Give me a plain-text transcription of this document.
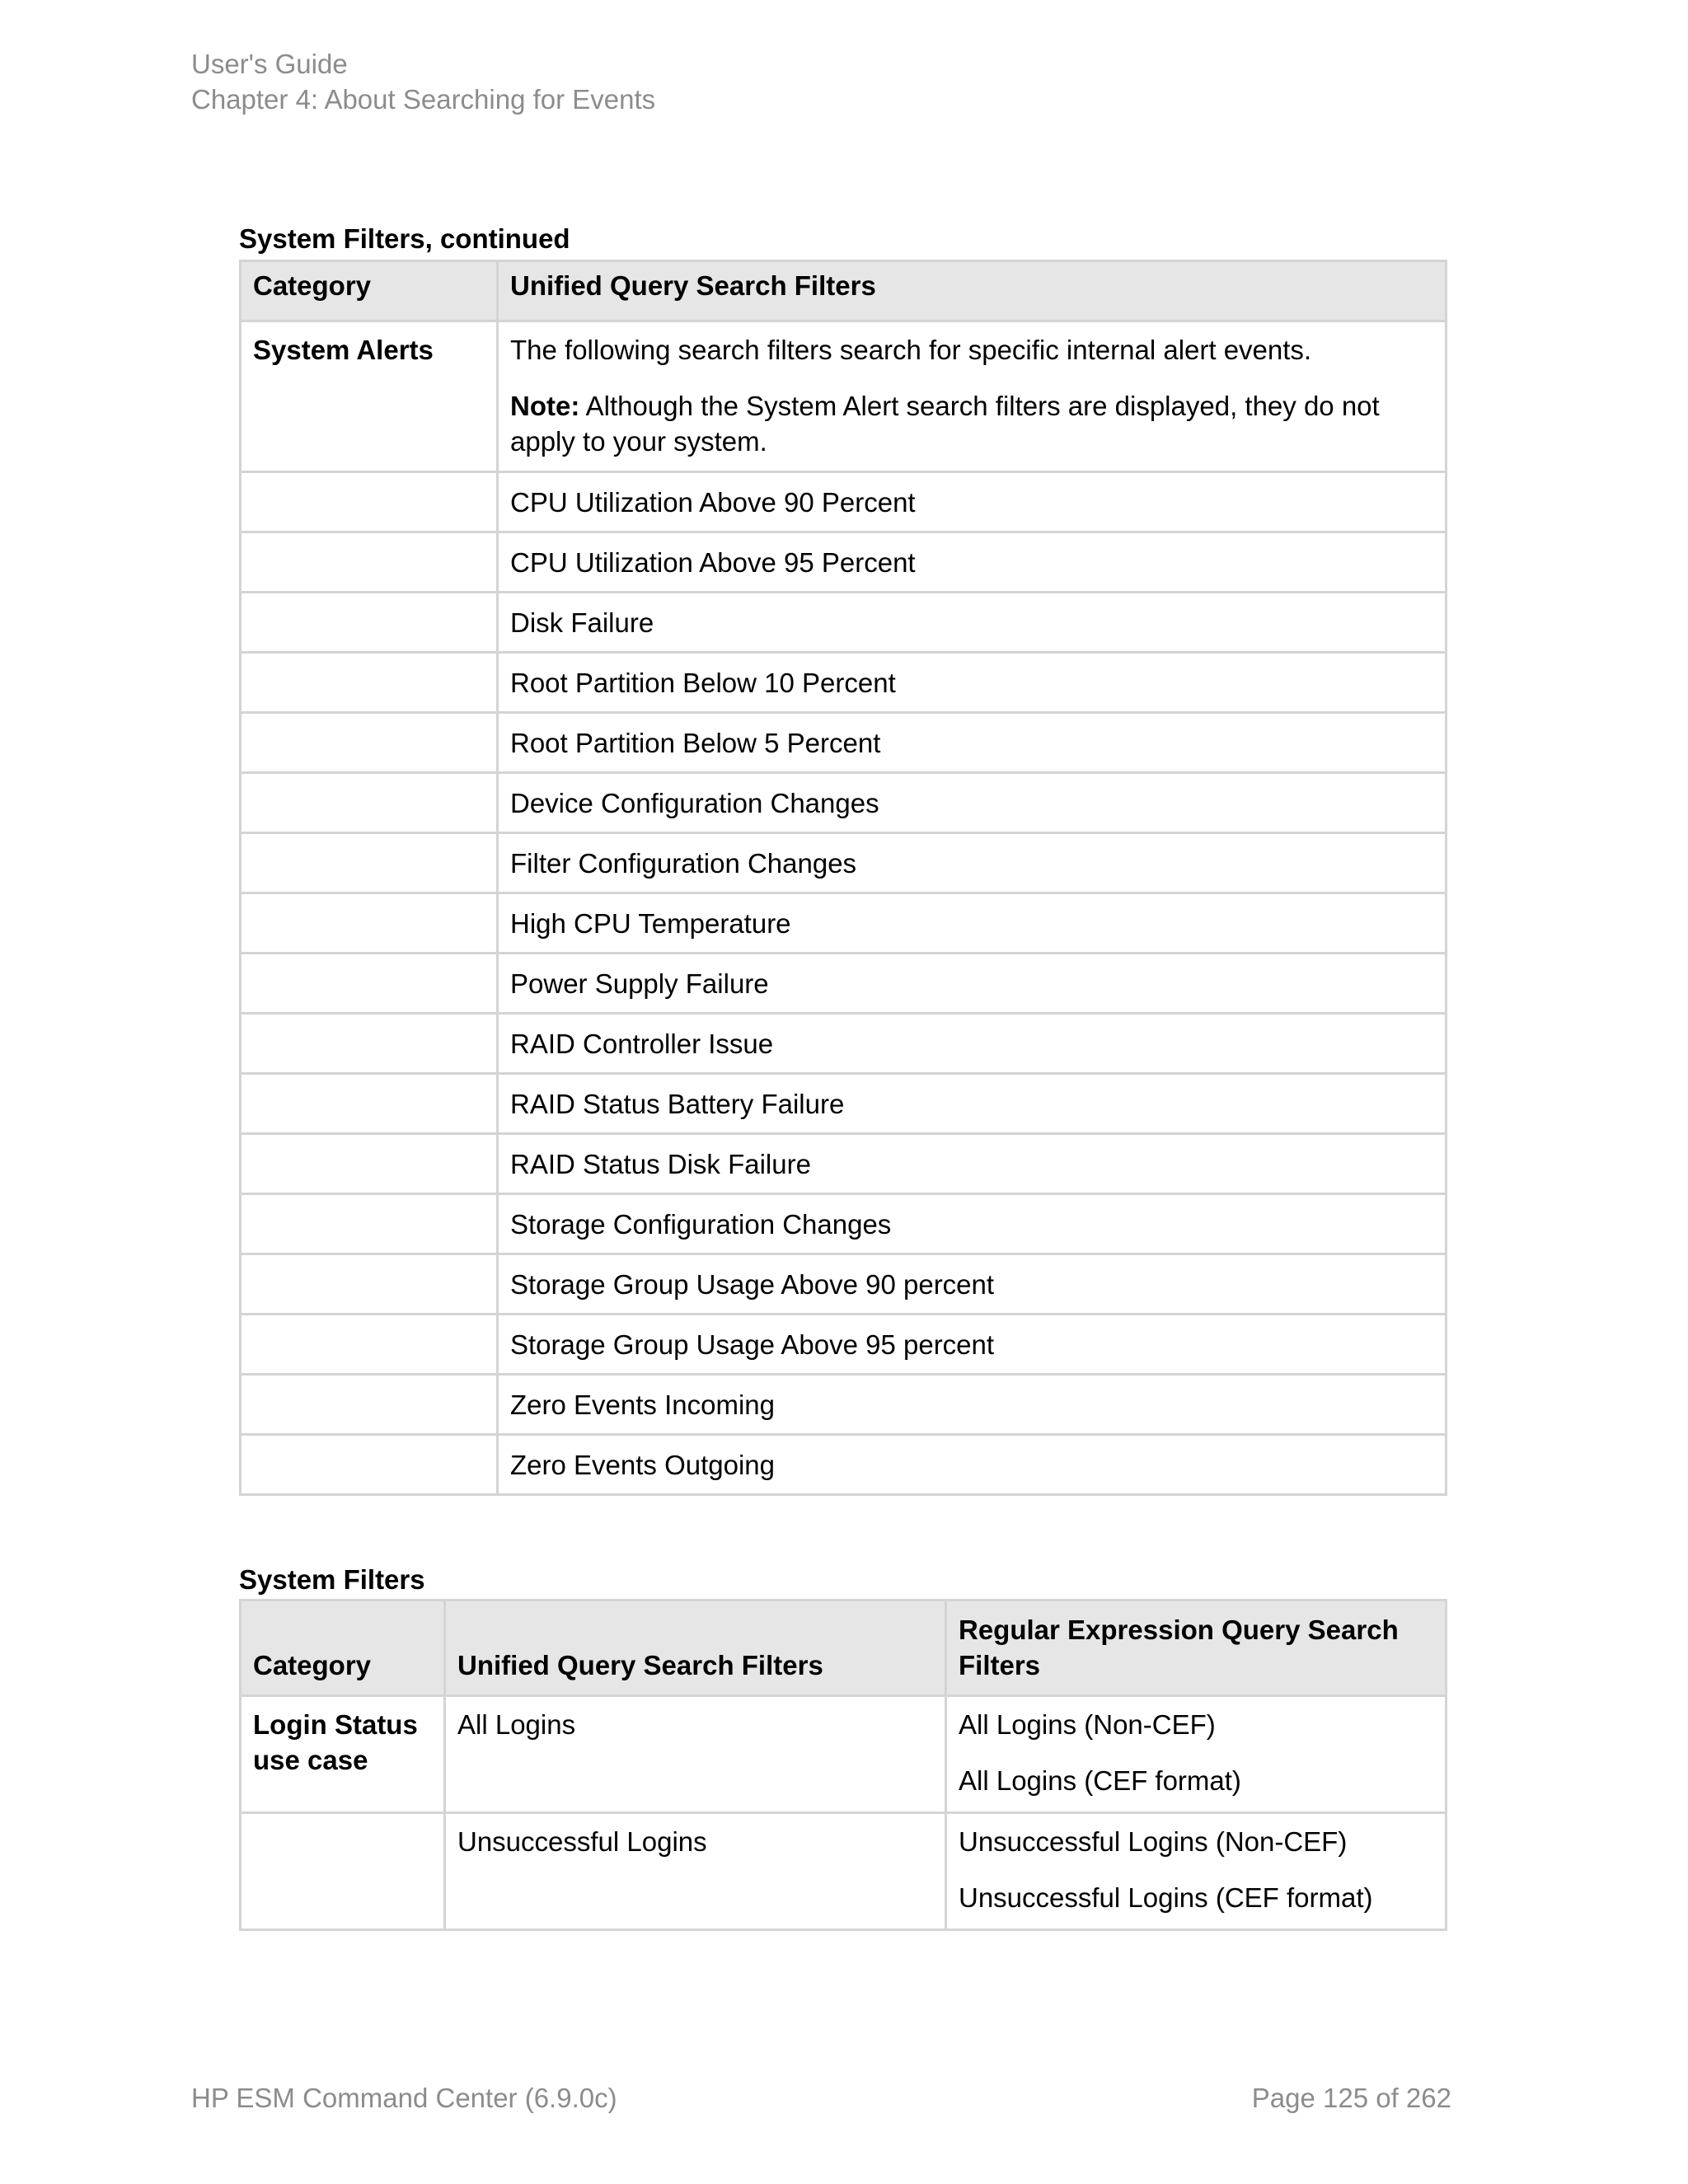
User's Guide
Chapter 4: About Searching for Events
System Filters, continued
Category	Unified Query Search Filters
System Alerts	The following search filters search for specific internal alert events.

Note: Although the System Alert search filters are displayed, they do not apply to your system.

	CPU Utilization Above 90 Percent
	CPU Utilization Above 95 Percent
	Disk Failure
	Root Partition Below 10 Percent
	Root Partition Below 5 Percent
	Device Configuration Changes
	Filter Configuration Changes
	High CPU Temperature
	Power Supply Failure
	RAID Controller Issue
	RAID Status Battery Failure
	RAID Status Disk Failure
	Storage Configuration Changes
	Storage Group Usage Above 90 percent
	Storage Group Usage Above 95 percent
	Zero Events Incoming
	Zero Events Outgoing
System Filters
Category	Unified Query Search Filters	Regular Expression Query Search Filters
Login Status use case	All Logins	All Logins (Non-CEF)

All Logins (CEF format)

	Unsuccessful Logins	Unsuccessful Logins (Non-CEF)

Unsuccessful Logins (CEF format)

HP ESM Command Center (6.9.0c)	Page 125 of 262
